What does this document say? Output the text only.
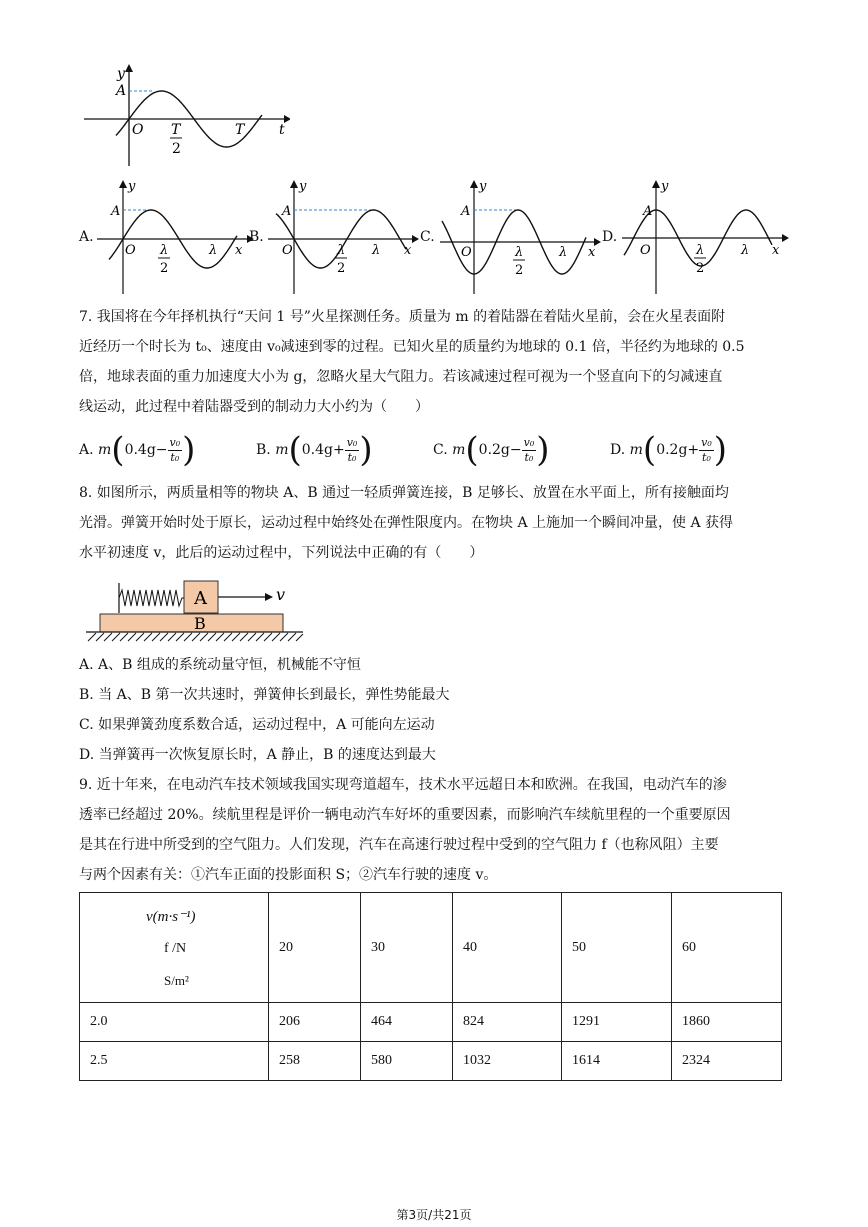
y
A
O T
2
T t
A.
y
A
O λ
2
λ x
B.
y
A
O	λ
2
λ x
C.
y
A
O	λ
2
λ x
D.
y
A
O	λ
2
λ x
7. 我国将在今年择机执行“天问 1 号”火星探测任务。质量为 m 的着陆器在着陆火星前，会在火星表面附
近经历一个时长为 t₀、速度由 v₀减速到零的过程。已知火星的质量约为地球的 0.1 倍，半径约为地球的 0.5
倍，地球表面的重力加速度大小为 g，忽略火星大气阻力。若该减速过程可视为一个竖直向下的匀减速直
线运动，此过程中着陆器受到的制动力大小约为（　　）
A.
m ( $0.4g - \frac{\text{v₀}}{\text{t₀}}$ )	B.
m ( $0.4g + \frac{\text{v₀}}{\text{t₀}}$ )	C.
m ( $0.2g - \frac{\text{v₀}}{\text{t₀}}$ )	D.
m ( $0.2g + \frac{\text{v₀}}{\text{t₀}}$ )
8. 如图所示，两质量相等的物块 A、B 通过一轻质弹簧连接，B 足够长、放置在水平面上，所有接触面均
光滑。弹簧开始时处于原长，运动过程中始终处在弹性限度内。在物块 A 上施加一个瞬间冲量，使 A 获得
水平初速度 v，此后的运动过程中，下列说法中正确的有（　　）
A
B
v
A. A、B 组成的系统动量守恒，机械能不守恒
B. 当 A、B 第一次共速时，弹簧伸长到最长，弹性势能最大
C. 如果弹簧劲度系数合适，运动过程中，A 可能向左运动
D. 当弹簧再一次恢复原长时，A 静止，B 的速度达到最大
9. 近十年来，在电动汽车技术领域我国实现弯道超车，技术水平远超日本和欧洲。在我国，电动汽车的渗
透率已经超过 20%。续航里程是评价一辆电动汽车好坏的重要因素，而影响汽车续航里程的一个重要原因
是其在行进中所受到的空气阻力。人们发现，汽车在高速行驶过程中受到的空气阻力 f（也称风阻）主要
与两个因素有关：①汽车正面的投影面积 S；②汽车行驶的速度 v。
v(m·s⁻¹)
f /N
S/m²	20	30	40	50	60
2.0	206	464	824	1291	1860
2.5	258	580	1032	1614	2324
第3页/共21页
